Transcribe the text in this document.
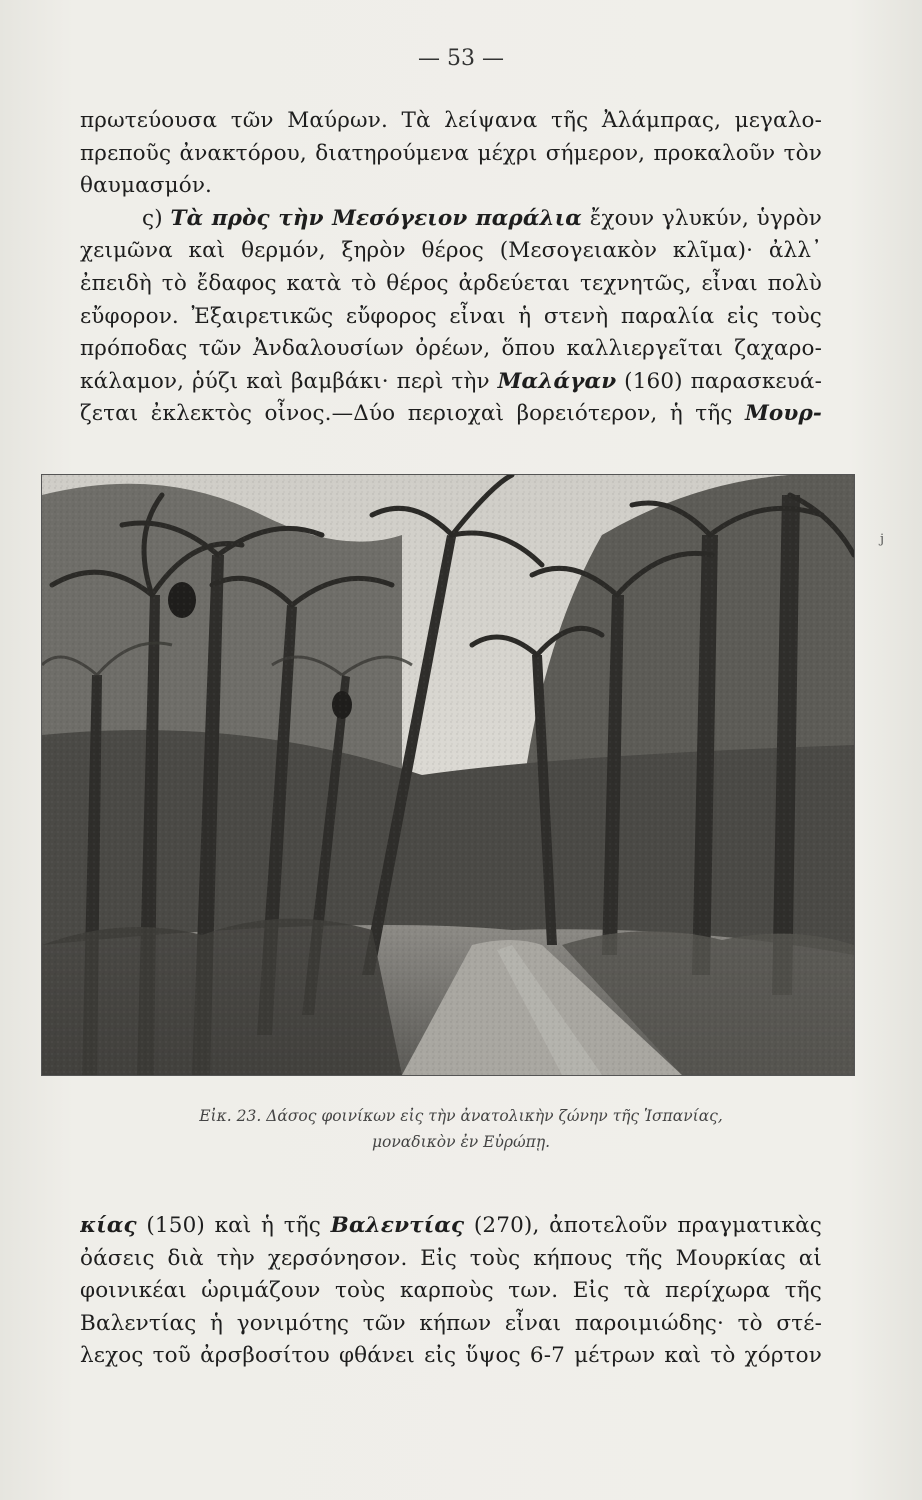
— 53 —
πρωτεύουσα τῶν Μαύρων. Τὰ λείψανα τῆς Ἀλάμπρας, μεγαλο-
πρεποῦς ἀνακτόρου, διατηρούμενα μέχρι σήμερον, προκαλοῦν τὸν
θαυμασμόν.
ς) Τὰ πρὸς τὴν Μεσόγειον παράλια ἔχουν γλυκύν, ὑγρὸν
χειμῶνα καὶ θερμόν, ξηρὸν θέρος (Μεσογειακὸν κλῖμα)· ἀλλ᾿
ἐπειδὴ τὸ ἔδαφος κατὰ τὸ θέρος ἀρδεύεται τεχνητῶς, εἶναι πολὺ
εὔφορον. Ἐξαιρετικῶς εὔφορος εἶναι ἡ στενὴ παραλία εἰς τοὺς
πρόποδας τῶν Ἀνδαλουσίων ὀρέων, ὅπου καλλιεργεῖται ζαχαρο-
κάλαμον, ῥύζι καὶ βαμβάκι· περὶ τὴν Μαλάγαν (160) παρασκευά-
ζεται ἐκλεκτὸς οἶνος.—Δύο περιοχαὶ βορειότερον, ἡ τῆς Μουρ-
j
Εἰκ. 23. Δάσος φοινίκων εἰς τὴν ἀνατολικὴν ζώνην τῆς Ἱσπανίας,
μοναδικὸν ἐν Εὐρώπῃ.
κίας (150) καὶ ἡ τῆς Βαλεντίας (270), ἀποτελοῦν πραγματικὰς
ὀάσεις διὰ τὴν χερσόνησον. Εἰς τοὺς κήπους τῆς Μουρκίας αἱ
φοινικέαι ὡριμάζουν τοὺς καρποὺς των. Εἰς τὰ περίχωρα τῆς
Βαλεντίας ἡ γονιμότης τῶν κήπων εἶναι παροιμιώδης· τὸ στέ-
λεχος τοῦ ἀρσβοσίτου φθάνει εἰς ὕψος 6-7 μέτρων καὶ τὸ χόρτον
